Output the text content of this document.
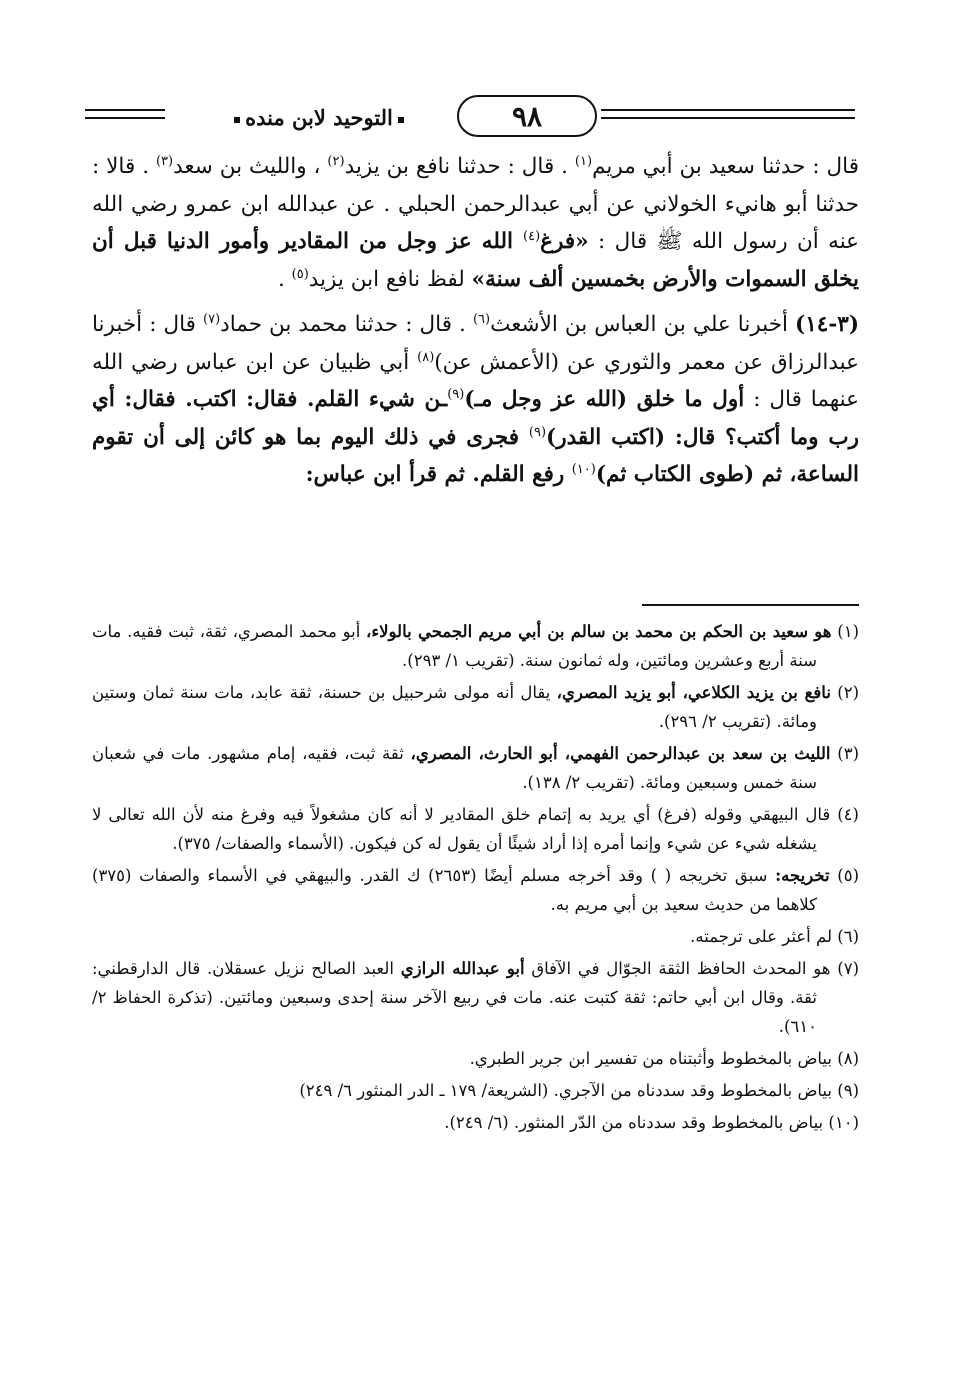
التوحيد لابن منده	٩٨

قال : حدثنا سعيد بن أبي مريم$^{(١)}$ . قال : حدثنا نافع بن يزيد$^{(٢)}$ ، والليث بن سعد$^{(٣)}$ . قالا : حدثنا أبو هانيء الخولاني عن أبي عبدالرحمن الحبلي . عن عبدالله ابن عمرو رضي الله عنه أن رسول الله ﷺ قال : «فرغ$^{(٤)}$ الله عز وجل من المقادير وأمور الدنيا قبل أن يخلق السموات والأرض بخمسين ألف سنة» لفظ نافع ابن يزيد$^{(٥)}$ .

(٣-١٤) أخبرنا علي بن العباس بن الأشعث$^{(٦)}$ . قال : حدثنا محمد بن حماد$^{(٧)}$ قال : أخبرنا عبدالرزاق عن معمر والثوري عن (الأعمش عن)$^{(٨)}$ أبي ظبيان عن ابن عباس رضي الله عنهما قال : أول ما خلق (الله عز وجل مـ)$^{(٩)}$ـن شيء القلم. فقال: اكتب. فقال: أي رب وما أكتب؟ قال: (اكتب القدر)$^{(٩)}$ فجرى في ذلك اليوم بما هو كائن إلى أن تقوم الساعة، ثم (طوى الكتاب ثم)$^{(١٠)}$ رفع القلم. ثم قرأ ابن عباس:

(١) هو سعيد بن الحكم بن محمد بن سالم بن أبي مريم الجمحي بالولاء، أبو محمد المصري، ثقة، ثبت فقيه. مات سنة أربع وعشرين ومائتين، وله ثمانون سنة. (تقريب ١/ ٢٩٣).

(٢) نافع بن يزيد الكلاعي، أبو يزيد المصري، يقال أنه مولى شرحبيل بن حسنة، ثقة عابد، مات سنة ثمان وستين ومائة. (تقريب ٢/ ٢٩٦).

(٣) الليث بن سعد بن عبدالرحمن الفهمي، أبو الحارث، المصري، ثقة ثبت، فقيه، إمام مشهور. مات في شعبان سنة خمس وسبعين ومائة. (تقريب ٢/ ١٣٨).

(٤) قال البيهقي وقوله (فرغ) أي يريد به إتمام خلق المقادير لا أنه كان مشغولاً فيه وفرغ منه لأن الله تعالى لا يشغله شيء عن شيء وإنما أمره إذا أراد شيئًا أن يقول له كن فيكون. (الأسماء والصفات/ ٣٧٥).

(٥) تخريجه: سبق تخريجه ( ) وقد أخرجه مسلم أيضًا (٢٦٥٣) ك القدر. والبيهقي في الأسماء والصفات (٣٧٥) كلاهما من حديث سعيد بن أبي مريم به.

(٦) لم أعثر على ترجمته.

(٧) هو المحدث الحافظ الثقة الجوّال في الآفاق أبو عبدالله الرازي العبد الصالح نزيل عسقلان. قال الدارقطني: ثقة. وقال ابن أبي حاتم: ثقة كتبت عنه. مات في ربيع الآخر سنة إحدى وسبعين ومائتين. (تذكرة الحفاظ ٢/ ٦١٠).

(٨) بياض بالمخطوط وأثبتناه من تفسير ابن جرير الطبري.

(٩) بياض بالمخطوط وقد سددناه من الآجري. (الشريعة/ ١٧٩ ـ الدر المنثور ٦/ ٢٤٩)

(١٠) بياض بالمخطوط وقد سددناه من الدّر المنثور. (٦/ ٢٤٩).
